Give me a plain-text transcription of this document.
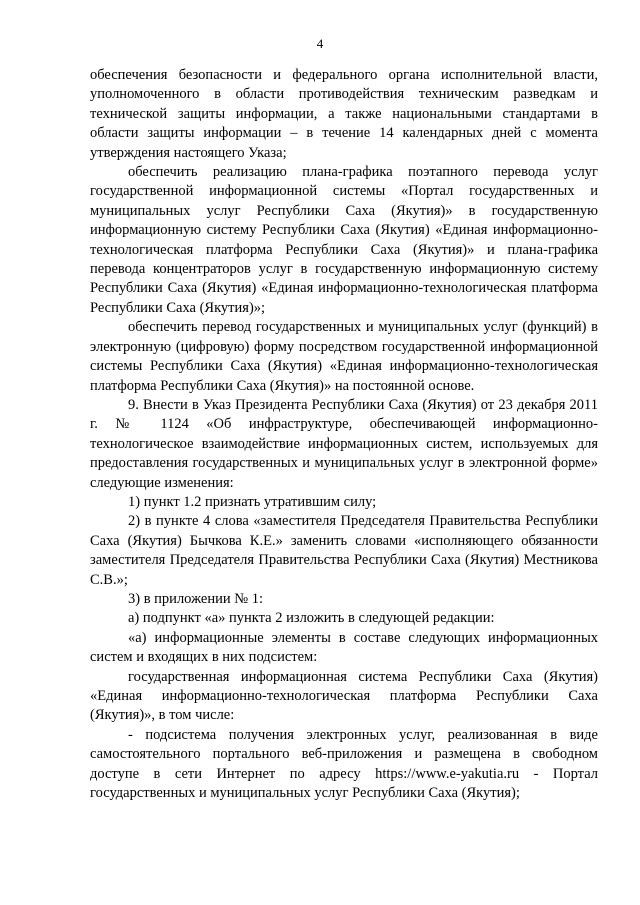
4

обеспечения безопасности и федерального органа исполнительной власти, уполномоченного в области противодействия техническим разведкам и технической защиты информации, а также национальными стандартами в области защиты информации – в течение 14 календарных дней с момента утверждения настоящего Указа;

обеспечить реализацию плана-графика поэтапного перевода услуг государственной информационной системы «Портал государственных и муниципальных услуг Республики Саха (Якутия)» в государственную информационную систему Республики Саха (Якутия) «Единая информационно-технологическая платформа Республики Саха (Якутия)» и плана-графика перевода концентраторов услуг в государственную информационную систему Республики Саха (Якутия) «Единая информационно-технологическая платформа Республики Саха (Якутия)»;

обеспечить перевод государственных и муниципальных услуг (функций) в электронную (цифровую) форму посредством государственной информационной системы Республики Саха (Якутия) «Единая информационно-технологическая платформа Республики Саха (Якутия)» на постоянной основе.

9. Внести в Указ Президента Республики Саха (Якутия) от 23 декабря 2011 г. № 1124 «Об инфраструктуре, обеспечивающей информационно-технологическое взаимодействие информационных систем, используемых для предоставления государственных и муниципальных услуг в электронной форме» следующие изменения:

1) пункт 1.2 признать утратившим силу;

2) в пункте 4 слова «заместителя Председателя Правительства Республики Саха (Якутия) Бычкова К.Е.» заменить словами «исполняющего обязанности заместителя Председателя Правительства Республики Саха (Якутия) Местникова С.В.»;

3) в приложении № 1:

а) подпункт «а» пункта 2 изложить в следующей редакции:

«а) информационные элементы в составе следующих информационных систем и входящих в них подсистем:

государственная информационная система Республики Саха (Якутия) «Единая информационно-технологическая платформа Республики Саха (Якутия)», в том числе:

- подсистема получения электронных услуг, реализованная в виде самостоятельного портального веб-приложения и размещена в свободном доступе в сети Интернет по адресу https://www.e-yakutia.ru - Портал государственных и муниципальных услуг Республики Саха (Якутия);
